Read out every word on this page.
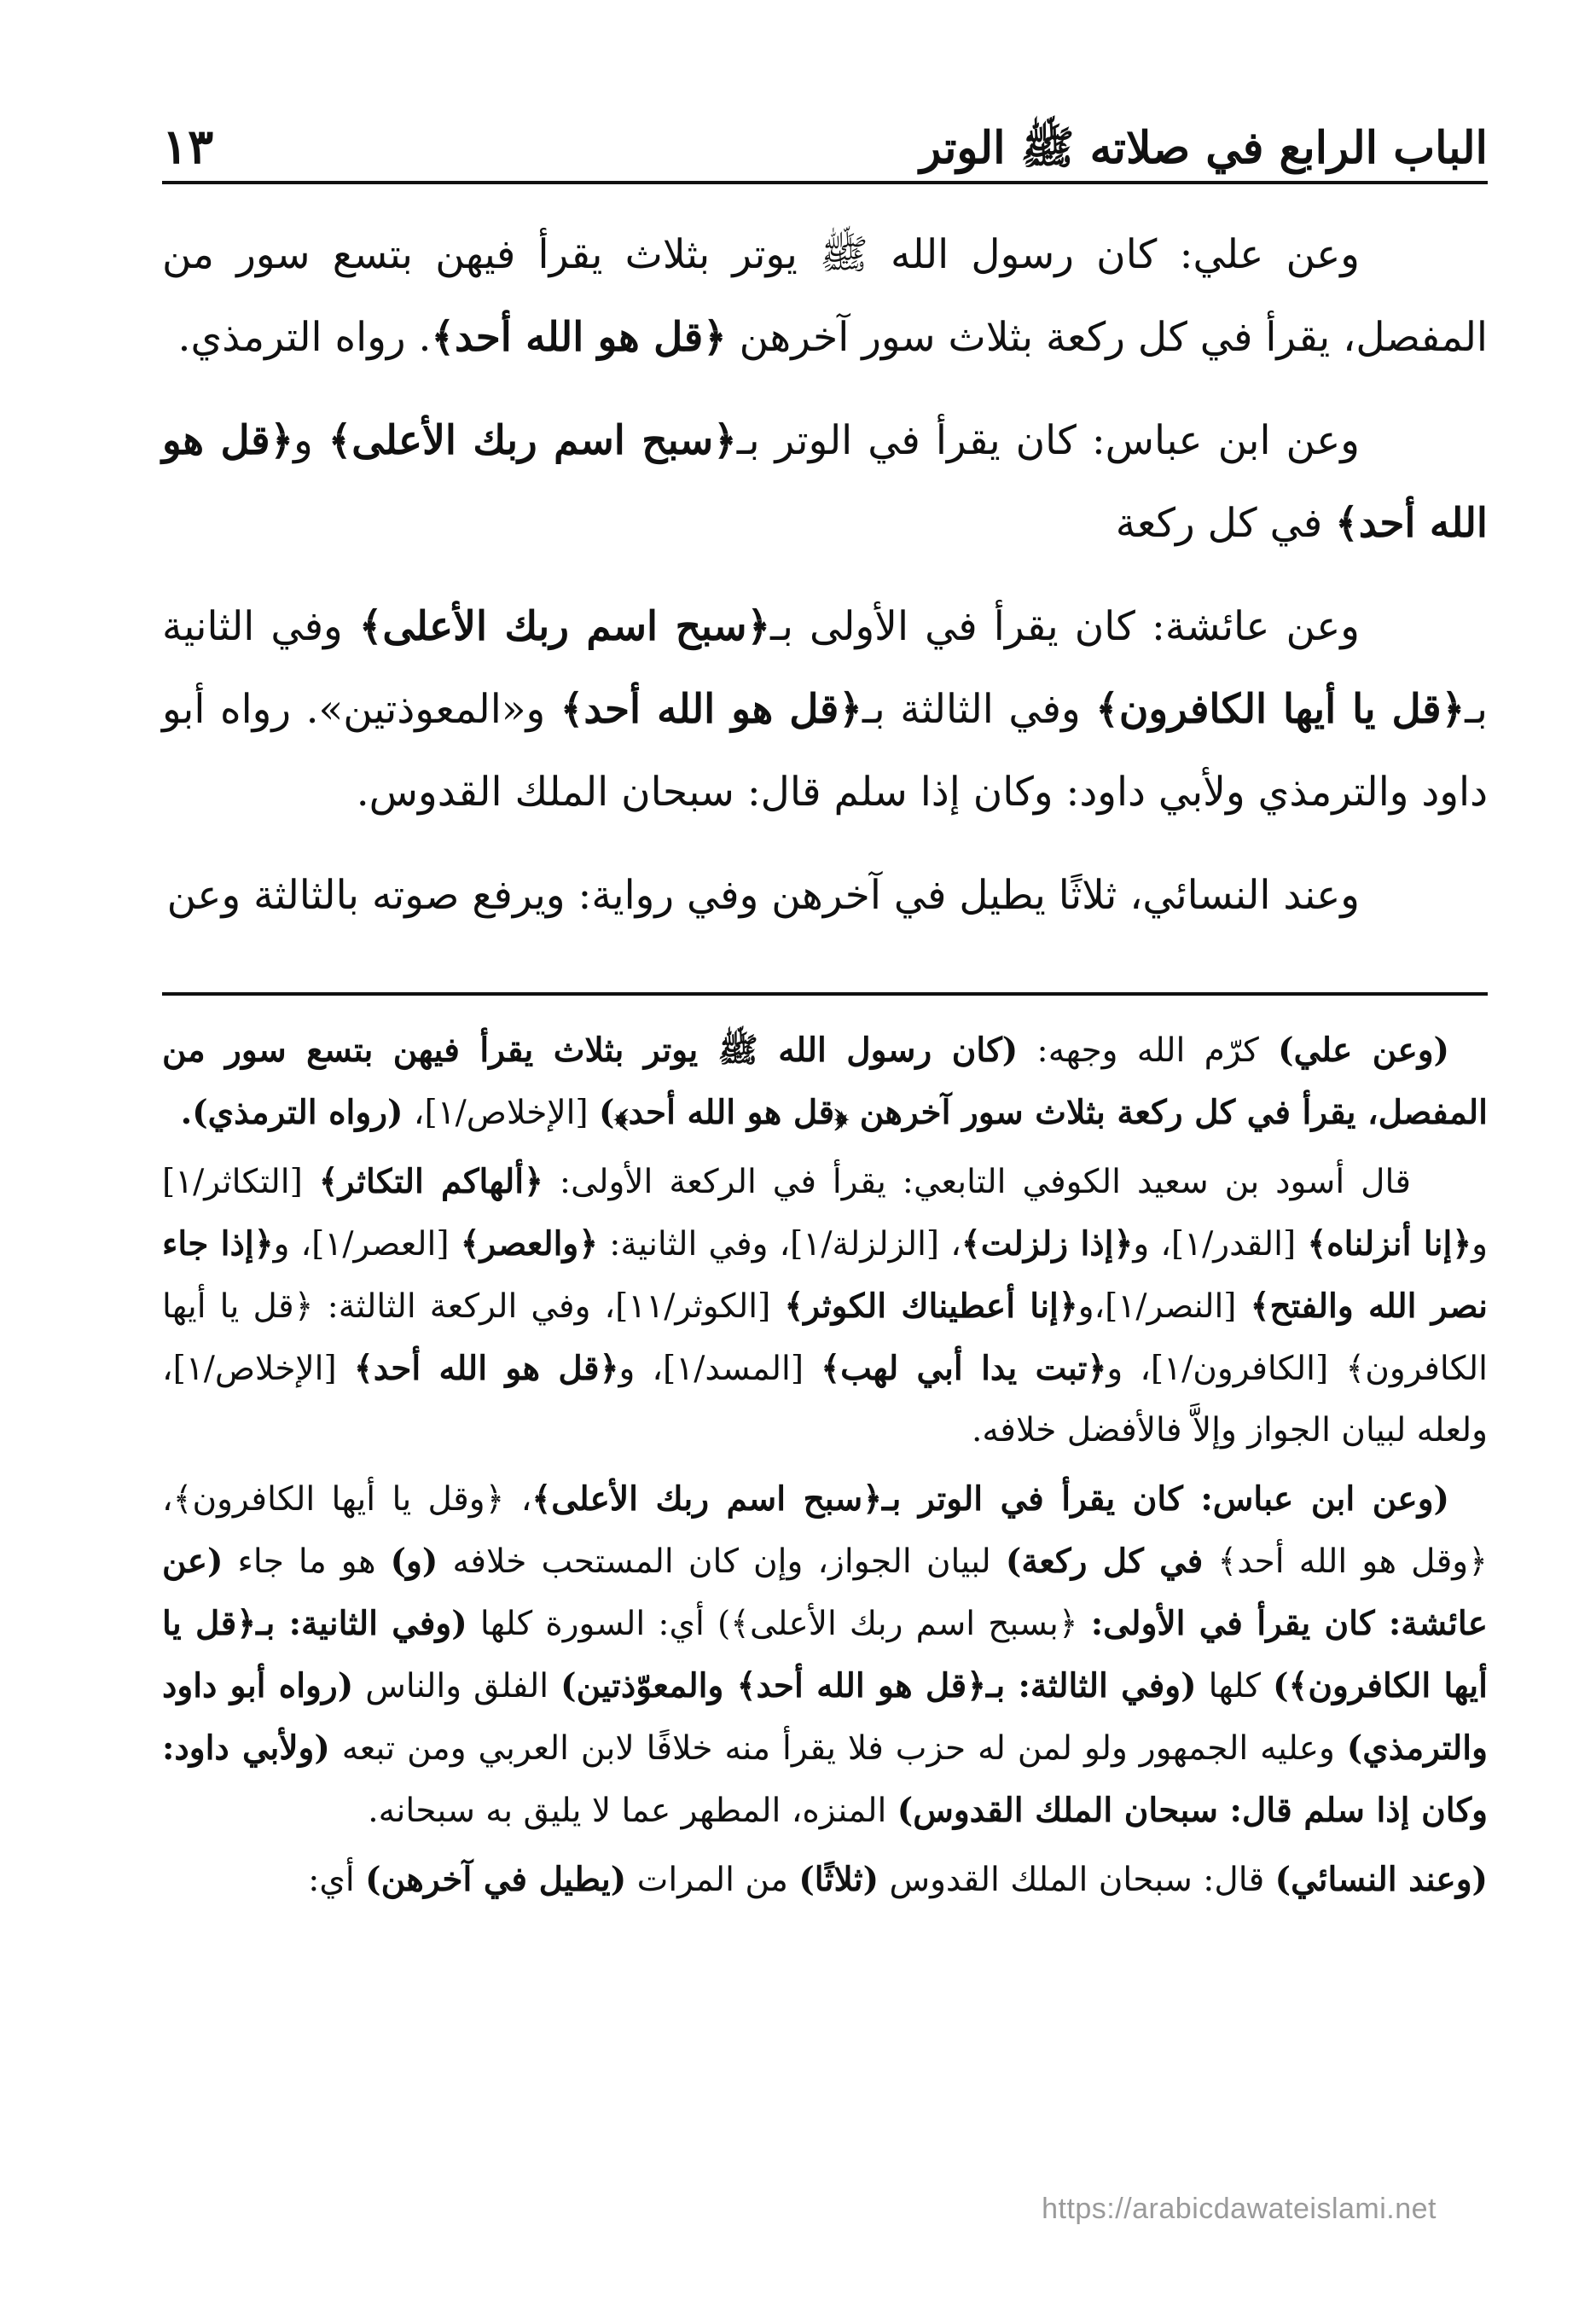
الباب الرابع في صلاته ﷺ الوتر
١٣

وعن علي: كان رسول الله ﷺ يوتر بثلاث يقرأ فيهن بتسع سور من المفصل، يقرأ في كل ركعة بثلاث سور آخرهن ﴿قل هو الله أحد﴾. رواه الترمذي.

وعن ابن عباس: كان يقرأ في الوتر بـ﴿سبح اسم ربك الأعلى﴾ و﴿قل هو الله أحد﴾ في كل ركعة

وعن عائشة: كان يقرأ في الأولى بـ﴿سبح اسم ربك الأعلى﴾ وفي الثانية بـ﴿قل يا أيها الكافرون﴾ وفي الثالثة بـ﴿قل هو الله أحد﴾ و«المعوذتين». رواه أبو داود والترمذي ولأبي داود: وكان إذا سلم قال: سبحان الملك القدوس.

وعند النسائي، ثلاثًا يطيل في آخرهن وفي رواية: ويرفع صوته بالثالثة وعن

(وعن علي) كرّم الله وجهه: (كان رسول الله ﷺ يوتر بثلاث يقرأ فيهن بتسع سور من المفصل، يقرأ في كل ركعة بثلاث سور آخرهن ﴿قل هو الله أحد﴾) [الإخلاص/١]، (رواه الترمذي).

قال أسود بن سعيد الكوفي التابعي: يقرأ في الركعة الأولى: ﴿ألهاكم التكاثر﴾ [التكاثر/١] و﴿إنا أنزلناه﴾ [القدر/١]، و﴿إذا زلزلت﴾، [الزلزلة/١]، وفي الثانية: ﴿والعصر﴾ [العصر/١]، و﴿إذا جاء نصر الله والفتح﴾ [النصر/١]،و﴿إنا أعطيناك الكوثر﴾ [الكوثر/١١]، وفي الركعة الثالثة: ﴿قل يا أيها الكافرون﴾ [الكافرون/١]، و﴿تبت يدا أبي لهب﴾ [المسد/١]، و﴿قل هو الله أحد﴾ [الإخلاص/١]، ولعله لبيان الجواز وإلاَّ فالأفضل خلافه.

(وعن ابن عباس: كان يقرأ في الوتر بـ﴿سبح اسم ربك الأعلى﴾، ﴿وقل يا أيها الكافرون﴾، ﴿وقل هو الله أحد﴾ في كل ركعة) لبيان الجواز، وإن كان المستحب خلافه (و) هو ما جاء (عن عائشة: كان يقرأ في الأولى: ﴿بسبح اسم ربك الأعلى﴾) أي: السورة كلها (وفي الثانية: بـ﴿قل يا أيها الكافرون﴾) كلها (وفي الثالثة: بـ﴿قل هو الله أحد﴾ والمعوّذتين) الفلق والناس (رواه أبو داود والترمذي) وعليه الجمهور ولو لمن له حزب فلا يقرأ منه خلافًا لابن العربي ومن تبعه (ولأبي داود: وكان إذا سلم قال: سبحان الملك القدوس) المنزه، المطهر عما لا يليق به سبحانه.

(وعند النسائي) قال: سبحان الملك القدوس (ثلاثًا) من المرات (يطيل في آخرهن) أي:

https://arabicdawateislami.net
